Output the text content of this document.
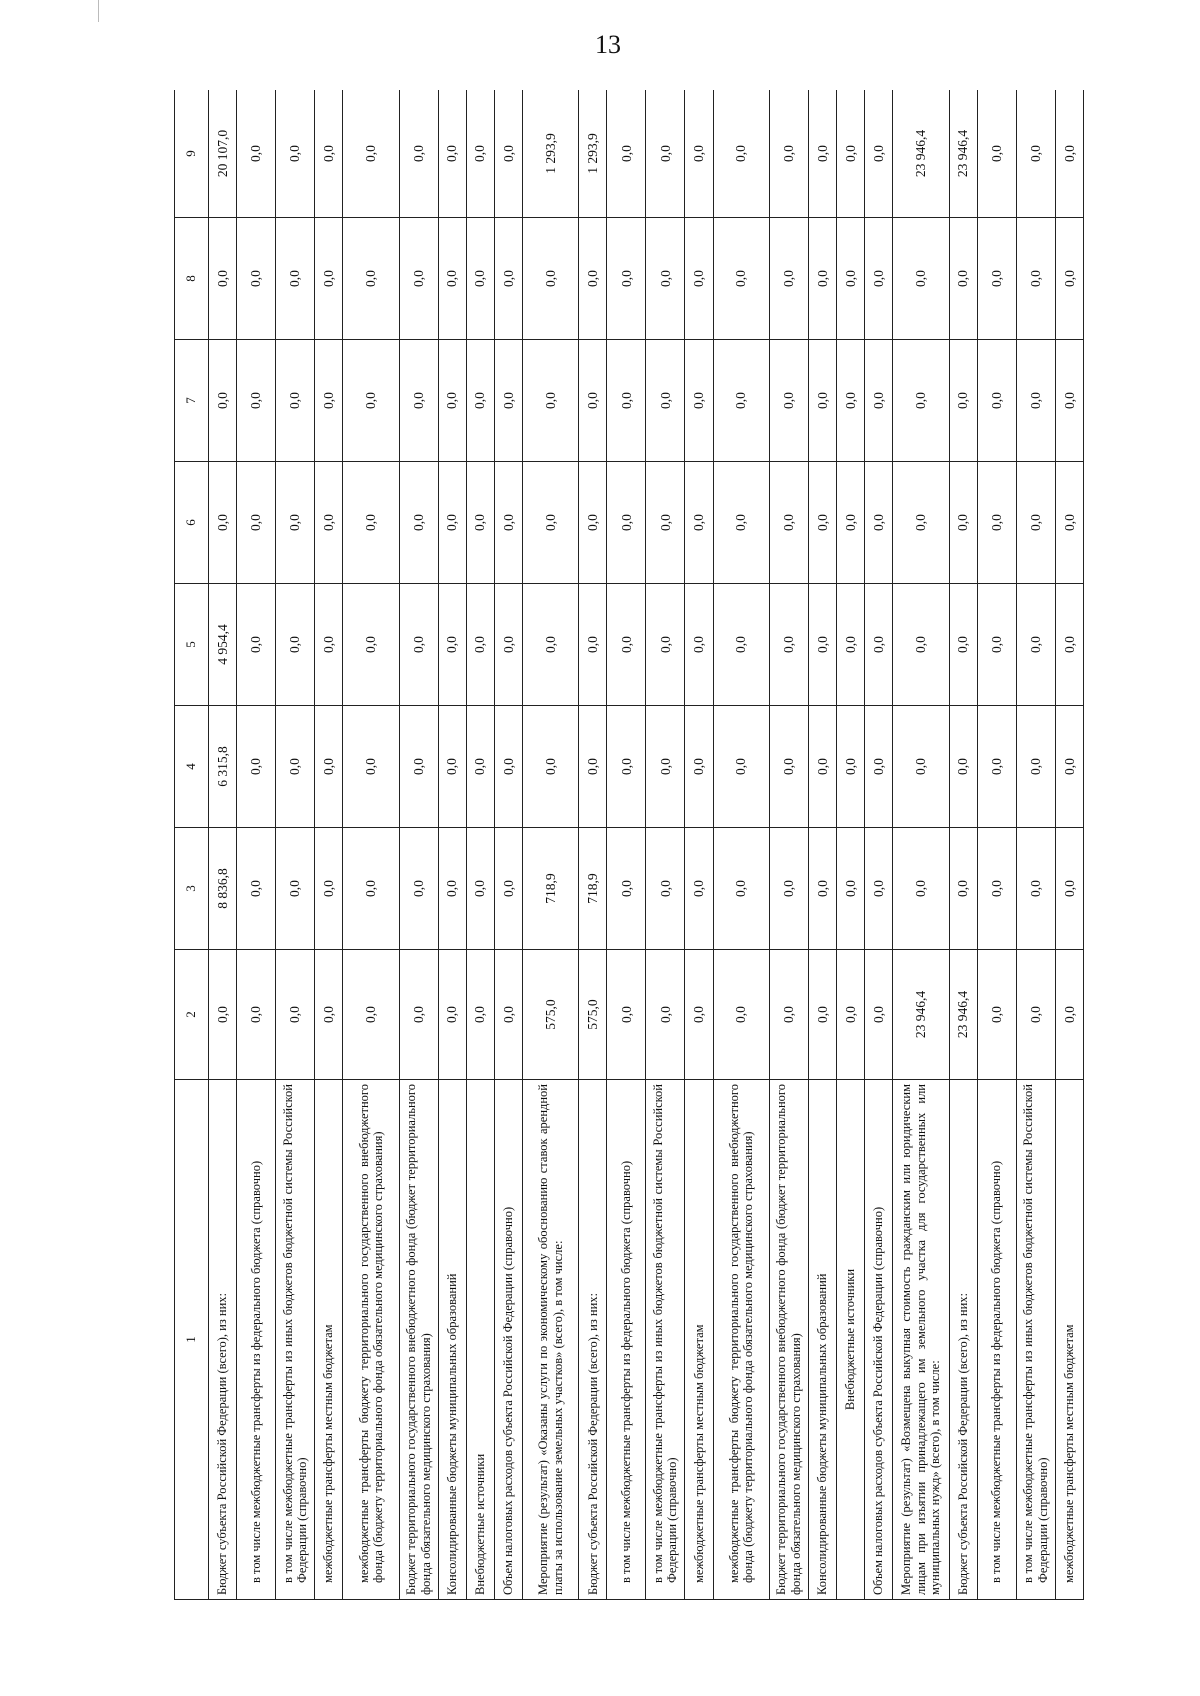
13
1	2	3	4	5	6	7	8	9
Бюджет субъекта Российской Федерации (всего), из них:	0,0	8 836,8	6 315,8	4 954,4	0,0	0,0	0,0	20 107,0
в том числе межбюджетные трансферты из федерального бюджета (справочно)	0,0	0,0	0,0	0,0	0,0	0,0	0,0	0,0
в том числе межбюджетные трансферты из иных бюджетов бюджетной системы Российской Федерации (справочно)	0,0	0,0	0,0	0,0	0,0	0,0	0,0	0,0
межбюджетные трансферты местным бюджетам	0,0	0,0	0,0	0,0	0,0	0,0	0,0	0,0
межбюджетные трансферты бюджету территориального государственного внебюджетного фонда (бюджету территориального фонда обязательного медицинского страхования)	0,0	0,0	0,0	0,0	0,0	0,0	0,0	0,0
Бюджет территориального государственного внебюджетного фонда (бюджет территориального фонда обязательного медицинского страхования)	0,0	0,0	0,0	0,0	0,0	0,0	0,0	0,0
Консолидированные бюджеты муниципальных образований	0,0	0,0	0,0	0,0	0,0	0,0	0,0	0,0
Внебюджетные источники	0,0	0,0	0,0	0,0	0,0	0,0	0,0	0,0
Объем налоговых расходов субъекта Российской Федерации (справочно)	0,0	0,0	0,0	0,0	0,0	0,0	0,0	0,0
Мероприятие (результат) «Оказаны услуги по экономическому обоснованию ставок арендной платы за использование земельных участков» (всего), в том числе:	575,0	718,9	0,0	0,0	0,0	0,0	0,0	1 293,9
Бюджет субъекта Российской Федерации (всего), из них:	575,0	718,9	0,0	0,0	0,0	0,0	0,0	1 293,9
в том числе межбюджетные трансферты из федерального бюджета (справочно)	0,0	0,0	0,0	0,0	0,0	0,0	0,0	0,0
в том числе межбюджетные трансферты из иных бюджетов бюджетной системы Российской Федерации (справочно)	0,0	0,0	0,0	0,0	0,0	0,0	0,0	0,0
межбюджетные трансферты местным бюджетам	0,0	0,0	0,0	0,0	0,0	0,0	0,0	0,0
межбюджетные трансферты бюджету территориального государственного внебюджетного фонда (бюджету территориального фонда обязательного медицинского страхования)	0,0	0,0	0,0	0,0	0,0	0,0	0,0	0,0
Бюджет территориального государственного внебюджетного фонда (бюджет территориального фонда обязательного медицинского страхования)	0,0	0,0	0,0	0,0	0,0	0,0	0,0	0,0
Консолидированные бюджеты муниципальных образований	0,0	0,0	0,0	0,0	0,0	0,0	0,0	0,0
Внебюджетные источники	0,0	0,0	0,0	0,0	0,0	0,0	0,0	0,0
Объем налоговых расходов субъекта Российской Федерации (справочно)	0,0	0,0	0,0	0,0	0,0	0,0	0,0	0,0
Мероприятие (результат) «Возмещена выкупная стоимость гражданским или юридическим лицам при изъятии принадлежащего им земельного участка для государственных или муниципальных нужд» (всего), в том числе:	23 946,4	0,0	0,0	0,0	0,0	0,0	0,0	23 946,4
Бюджет субъекта Российской Федерации (всего), из них:	23 946,4	0,0	0,0	0,0	0,0	0,0	0,0	23 946,4
в том числе межбюджетные трансферты из федерального бюджета (справочно)	0,0	0,0	0,0	0,0	0,0	0,0	0,0	0,0
в том числе межбюджетные трансферты из иных бюджетов бюджетной системы Российской Федерации (справочно)	0,0	0,0	0,0	0,0	0,0	0,0	0,0	0,0
межбюджетные трансферты местным бюджетам	0,0	0,0	0,0	0,0	0,0	0,0	0,0	0,0
